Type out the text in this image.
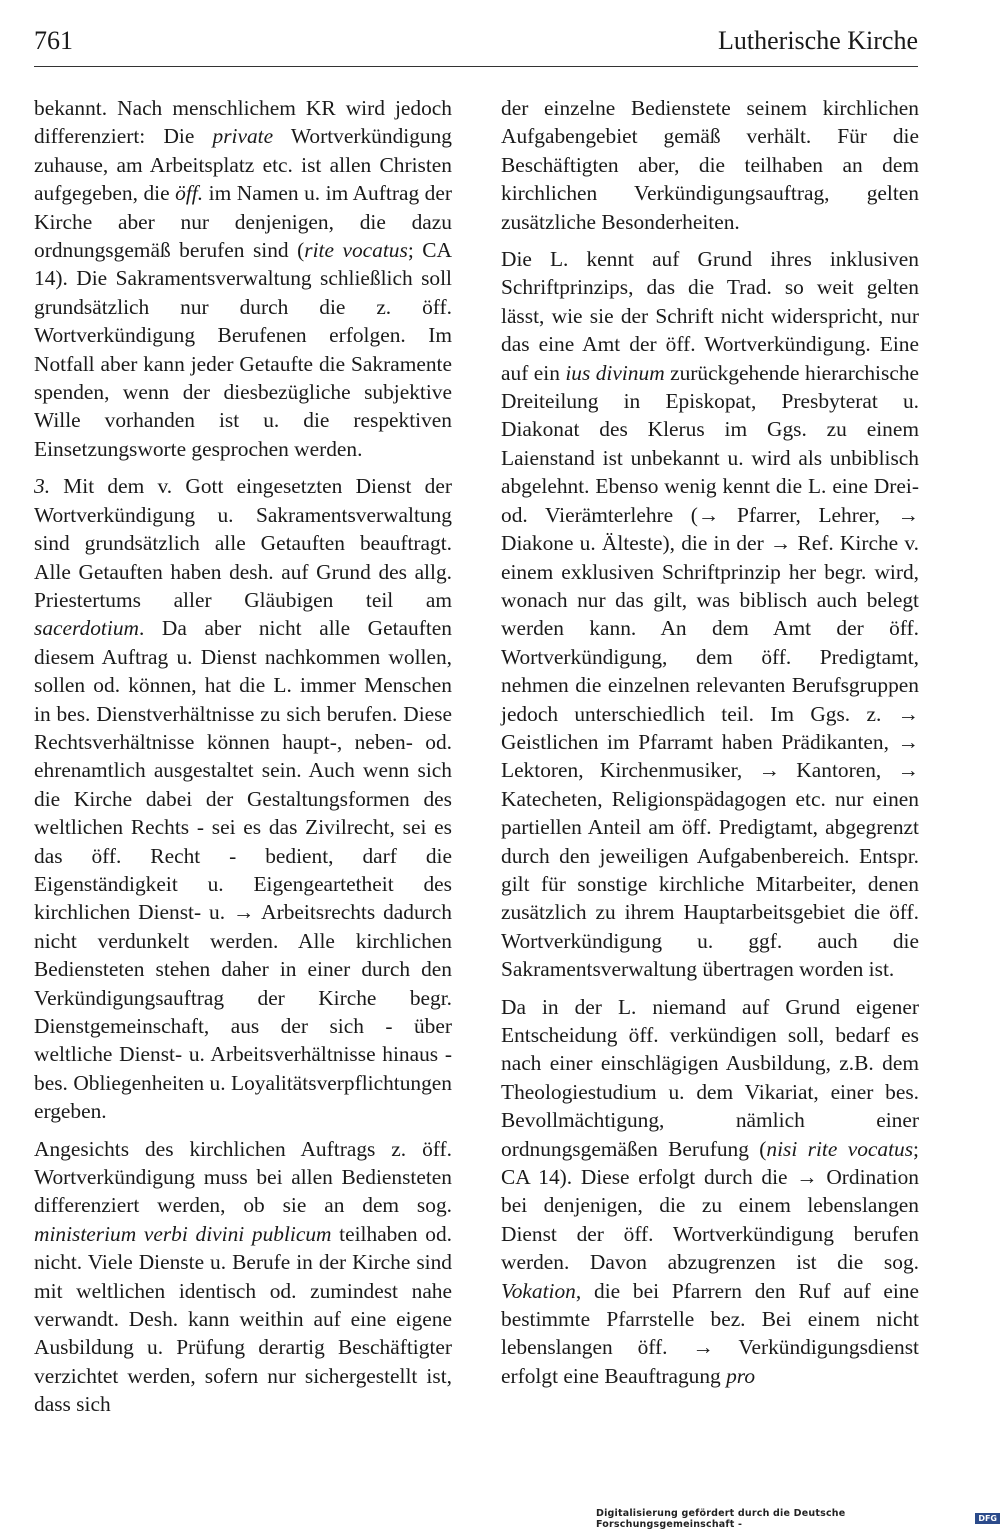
761	Lutherische Kirche

bekannt. Nach menschlichem KR wird jedoch differenziert: Die private Wortverkündigung zuhause, am Arbeitsplatz etc. ist allen Christen aufgegeben, die öff. im Namen u. im Auftrag der Kirche aber nur denjenigen, die dazu ordnungsgemäß berufen sind (rite vocatus; CA 14). Die Sakramentsverwaltung schließlich soll grundsätzlich nur durch die z. öff. Wortverkündigung Berufenen erfolgen. Im Notfall aber kann jeder Getaufte die Sakramente spenden, wenn der diesbezügliche subjektive Wille vorhanden ist u. die respektiven Einsetzungsworte gesprochen werden.

3. Mit dem v. Gott eingesetzten Dienst der Wortverkündigung u. Sakramentsverwaltung sind grundsätzlich alle Getauften beauftragt. Alle Getauften haben desh. auf Grund des allg. Priestertums aller Gläubigen teil am sacerdotium. Da aber nicht alle Getauften diesem Auftrag u. Dienst nachkommen wollen, sollen od. können, hat die L. immer Menschen in bes. Dienstverhältnisse zu sich berufen. Diese Rechtsverhältnisse können haupt-, neben- od. ehrenamtlich ausgestaltet sein. Auch wenn sich die Kirche dabei der Gestaltungsformen des weltlichen Rechts - sei es das Zivilrecht, sei es das öff. Recht - bedient, darf die Eigenständigkeit u. Eigengeartetheit des kirchlichen Dienst- u. → Arbeitsrechts dadurch nicht verdunkelt werden. Alle kirchlichen Bediensteten stehen daher in einer durch den Verkündigungsauftrag der Kirche begr. Dienstgemeinschaft, aus der sich - über weltliche Dienst- u. Arbeitsverhältnisse hinaus - bes. Obliegenheiten u. Loyalitätsverpflichtungen ergeben.

Angesichts des kirchlichen Auftrags z. öff. Wortverkündigung muss bei allen Bediensteten differenziert werden, ob sie an dem sog. ministerium verbi divini publicum teilhaben od. nicht. Viele Dienste u. Berufe in der Kirche sind mit weltlichen identisch od. zumindest nahe verwandt. Desh. kann weithin auf eine eigene Ausbildung u. Prüfung derartig Beschäftigter verzichtet werden, sofern nur sichergestellt ist, dass sich

der einzelne Bedienstete seinem kirchlichen Aufgabengebiet gemäß verhält. Für die Beschäftigten aber, die teilhaben an dem kirchlichen Verkündigungsauftrag, gelten zusätzliche Besonderheiten.

Die L. kennt auf Grund ihres inklusiven Schriftprinzips, das die Trad. so weit gelten lässt, wie sie der Schrift nicht widerspricht, nur das eine Amt der öff. Wortverkündigung. Eine auf ein ius divinum zurückgehende hierarchische Dreiteilung in Episkopat, Presbyterat u. Diakonat des Klerus im Ggs. zu einem Laienstand ist unbekannt u. wird als unbiblisch abgelehnt. Ebenso wenig kennt die L. eine Drei- od. Vierämterlehre (→ Pfarrer, Lehrer, → Diakone u. Älteste), die in der → Ref. Kirche v. einem exklusiven Schriftprinzip her begr. wird, wonach nur das gilt, was biblisch auch belegt werden kann. An dem Amt der öff. Wortverkündigung, dem öff. Predigtamt, nehmen die einzelnen relevanten Berufsgruppen jedoch unterschiedlich teil. Im Ggs. z. → Geistlichen im Pfarramt haben Prädikanten, → Lektoren, Kirchenmusiker, → Kantoren, → Katecheten, Religionspädagogen etc. nur einen partiellen Anteil am öff. Predigtamt, abgegrenzt durch den jeweiligen Aufgabenbereich. Entspr. gilt für sonstige kirchliche Mitarbeiter, denen zusätzlich zu ihrem Hauptarbeitsgebiet die öff. Wortverkündigung u. ggf. auch die Sakramentsverwaltung übertragen worden ist.

Da in der L. niemand auf Grund eigener Entscheidung öff. verkündigen soll, bedarf es nach einer einschlägigen Ausbildung, z.B. dem Theologiestudium u. dem Vikariat, einer bes. Bevollmächtigung, nämlich einer ordnungsgemäßen Berufung (nisi rite vocatus; CA 14). Diese erfolgt durch die → Ordination bei denjenigen, die zu einem lebenslangen Dienst der öff. Wortverkündigung berufen werden. Davon abzugrenzen ist die sog. Vokation, die bei Pfarrern den Ruf auf eine bestimmte Pfarrstelle bez. Bei einem nicht lebenslangen öff. → Verkündigungsdienst erfolgt eine Beauftragung pro

Digitalisierung gefördert durch die Deutsche Forschungsgemeinschaft -	DFG
